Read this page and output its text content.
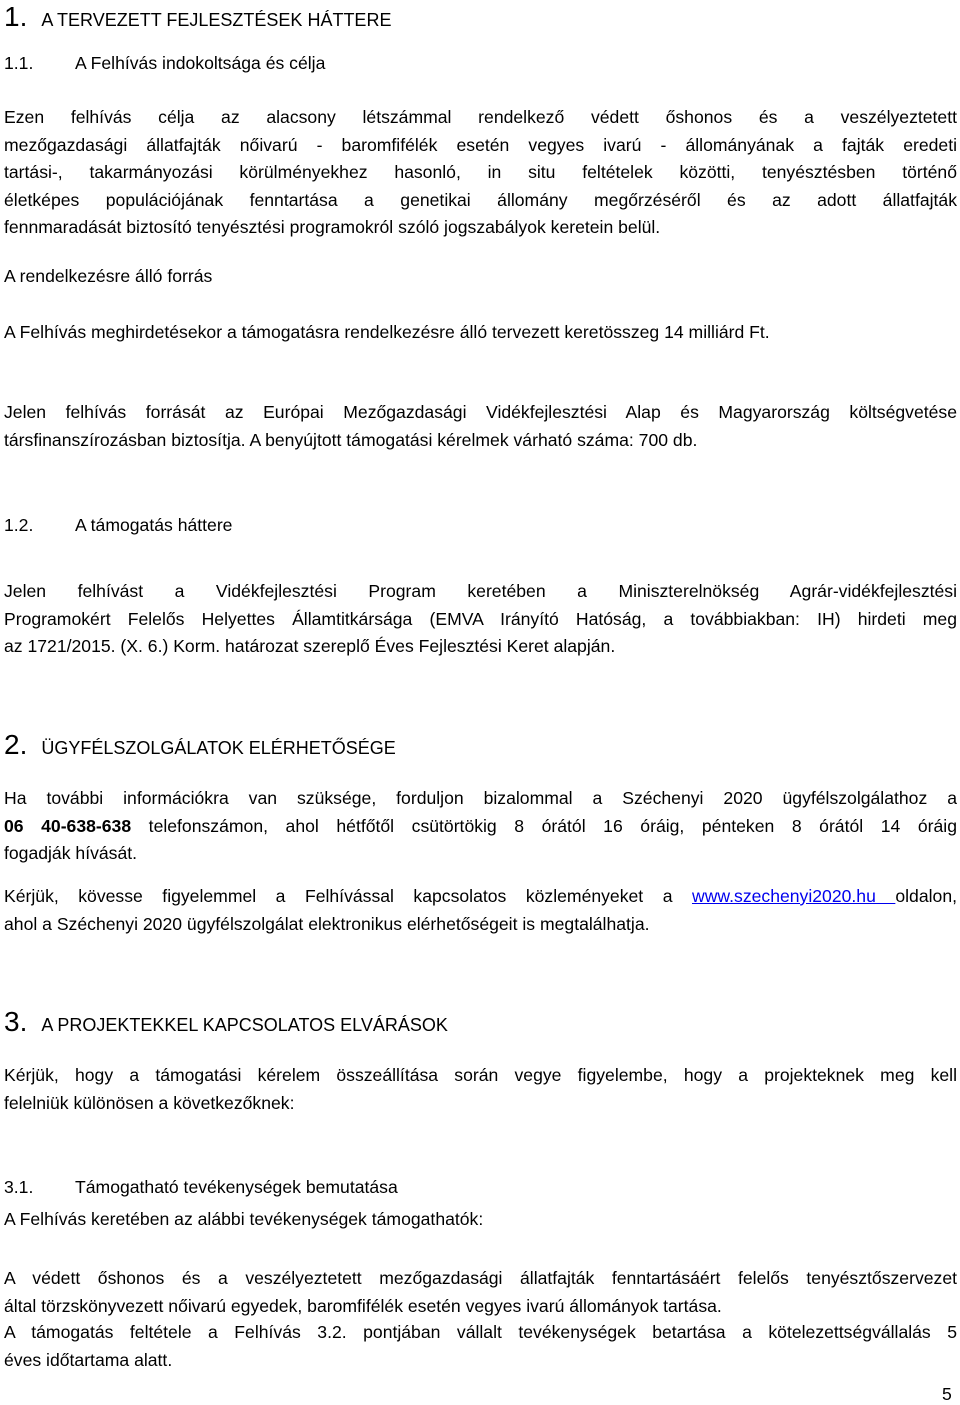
1. A TERVEZETT FEJLESZTÉSEK HÁTTERE
1.1. A Felhívás indokoltsága és célja
Ezen felhívás célja az alacsony létszámmal rendelkező védett őshonos és a veszélyeztetett
mezőgazdasági állatfajták nőivarú - baromfifélék esetén vegyes ivarú - állományának a fajták eredeti
tartási-, takarmányozási körülményekhez hasonló, in situ feltételek közötti, tenyésztésben történő
életképes populációjának fenntartása a genetikai állomány megőrzéséről és az adott állatfajták
fennmaradását biztosító tenyésztési programokról szóló jogszabályok keretein belül.
A rendelkezésre álló forrás
A Felhívás meghirdetésekor a támogatásra rendelkezésre álló tervezett keretösszeg 14 milliárd Ft.
Jelen felhívás forrását az Európai Mezőgazdasági Vidékfejlesztési Alap és Magyarország költségvetése
társfinanszírozásban biztosítja. A benyújtott támogatási kérelmek várható száma: 700 db.
1.2. A támogatás háttere
Jelen felhívást a Vidékfejlesztési Program keretében a Miniszterelnökség Agrár-vidékfejlesztési
Programokért Felelős Helyettes Államtitkársága (EMVA Irányító Hatóság, a továbbiakban: IH) hirdeti meg
az 1721/2015. (X. 6.) Korm. határozat szereplő Éves Fejlesztési Keret alapján.
2. ÜGYFÉLSZOLGÁLATOK ELÉRHETŐSÉGE
Ha további információkra van szüksége, forduljon bizalommal a Széchenyi 2020 ügyfélszolgálathoz a
06 40-638-638 telefonszámon, ahol hétfőtől csütörtökig 8 órától 16 óráig, pénteken 8 órától 14 óráig
fogadják hívását.
Kérjük, kövesse figyelemmel a Felhívással kapcsolatos közleményeket a www.szechenyi2020.hu oldalon,
ahol a Széchenyi 2020 ügyfélszolgálat elektronikus elérhetőségeit is megtalálhatja.
3. A PROJEKTEKKEL KAPCSOLATOS ELVÁRÁSOK
Kérjük, hogy a támogatási kérelem összeállítása során vegye figyelembe, hogy a projekteknek meg kell
felelniük különösen a következőknek:
3.1. Támogatható tevékenységek bemutatása
A Felhívás keretében az alábbi tevékenységek támogathatók:
A védett őshonos és a veszélyeztetett mezőgazdasági állatfajták fenntartásáért felelős tenyésztőszervezet
által törzskönyvezett nőivarú egyedek, baromfifélék esetén vegyes ivarú állományok tartása.
A támogatás feltétele a Felhívás 3.2. pontjában vállalt tevékenységek betartása a kötelezettségvállalás 5
éves időtartama alatt.
5
